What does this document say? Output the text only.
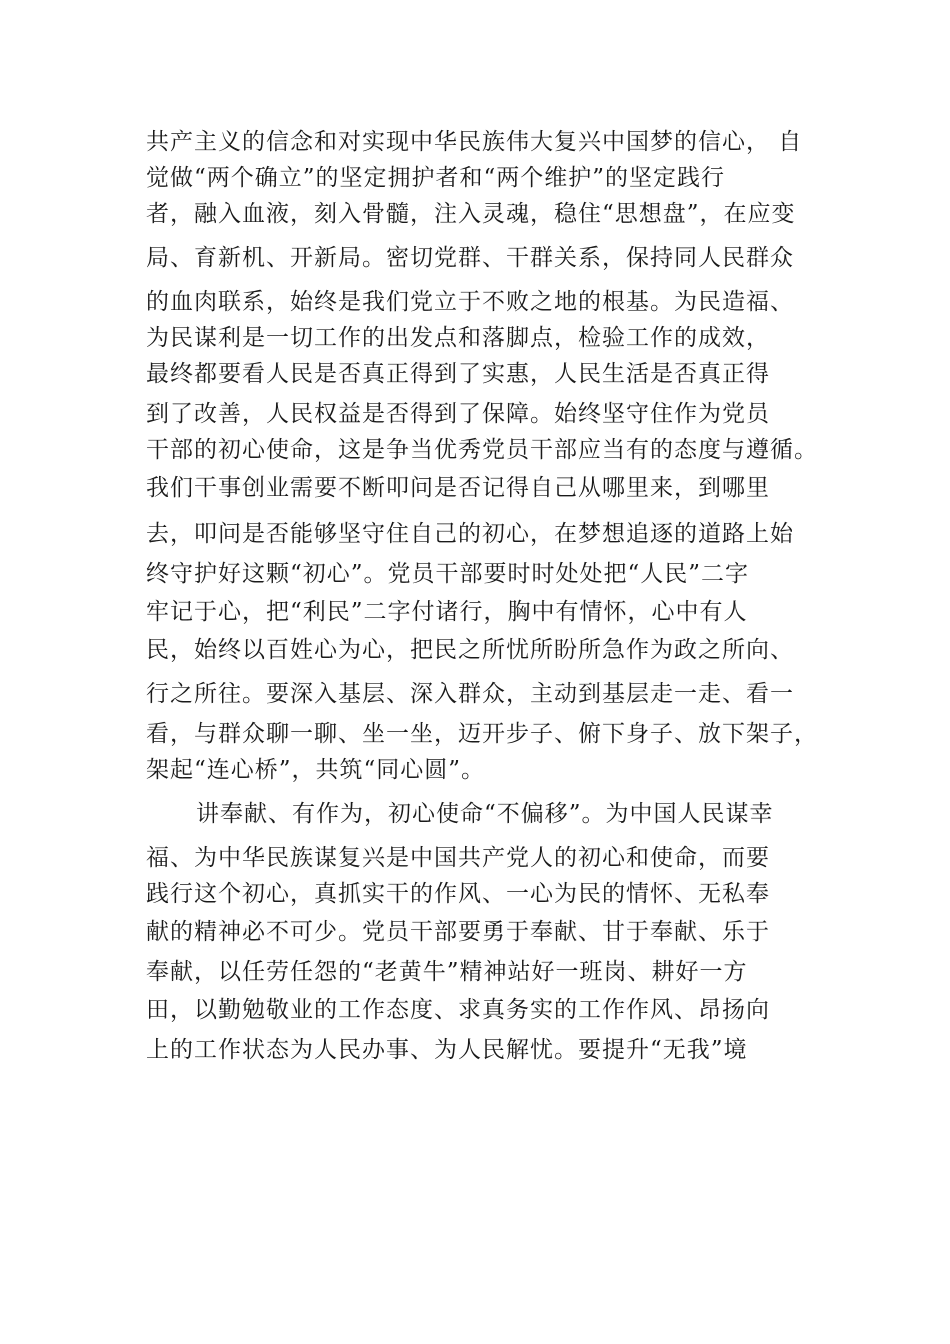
共产主义的信念和对实现中华民族伟大复兴中国梦的信心， 自
觉做“两个确立”的坚定拥护者和“两个维护”的坚定践行
者，融入血液，刻入骨髓，注入灵魂，稳住“思想盘”，在应变
局、育新机、开新局。密切党群、干群关系，保持同人民群众
的血肉联系，始终是我们党立于不败之地的根基。为民造福、
为民谋利是一切工作的出发点和落脚点，检验工作的成效，
最终都要看人民是否真正得到了实惠，人民生活是否真正得
到了改善，人民权益是否得到了保障。始终坚守住作为党员
干部的初心使命，这是争当优秀党员干部应当有的态度与遵循。
我们干事创业需要不断叩问是否记得自己从哪里来，到哪里
去，叩问是否能够坚守住自己的初心，在梦想追逐的道路上始
终守护好这颗“初心”。党员干部要时时处处把“人民”二字
牢记于心，把“利民”二字付诸行，胸中有情怀，心中有人
民，始终以百姓心为心，把民之所忧所盼所急作为政之所向、
行之所往。要深入基层、深入群众，主动到基层走一走、看一
看，与群众聊一聊、坐一坐，迈开步子、俯下身子、放下架子，
架起“连心桥”，共筑“同心圆”。
讲奉献、有作为，初心使命“不偏移”。为中国人民谋幸
福、为中华民族谋复兴是中国共产党人的初心和使命，而要
践行这个初心，真抓实干的作风、一心为民的情怀、无私奉
献的精神必不可少。党员干部要勇于奉献、甘于奉献、乐于
奉献，以任劳任怨的“老黄牛”精神站好一班岗、耕好一方
田，以勤勉敬业的工作态度、求真务实的工作作风、昂扬向
上的工作状态为人民办事、为人民解忧。要提升“无我”境
